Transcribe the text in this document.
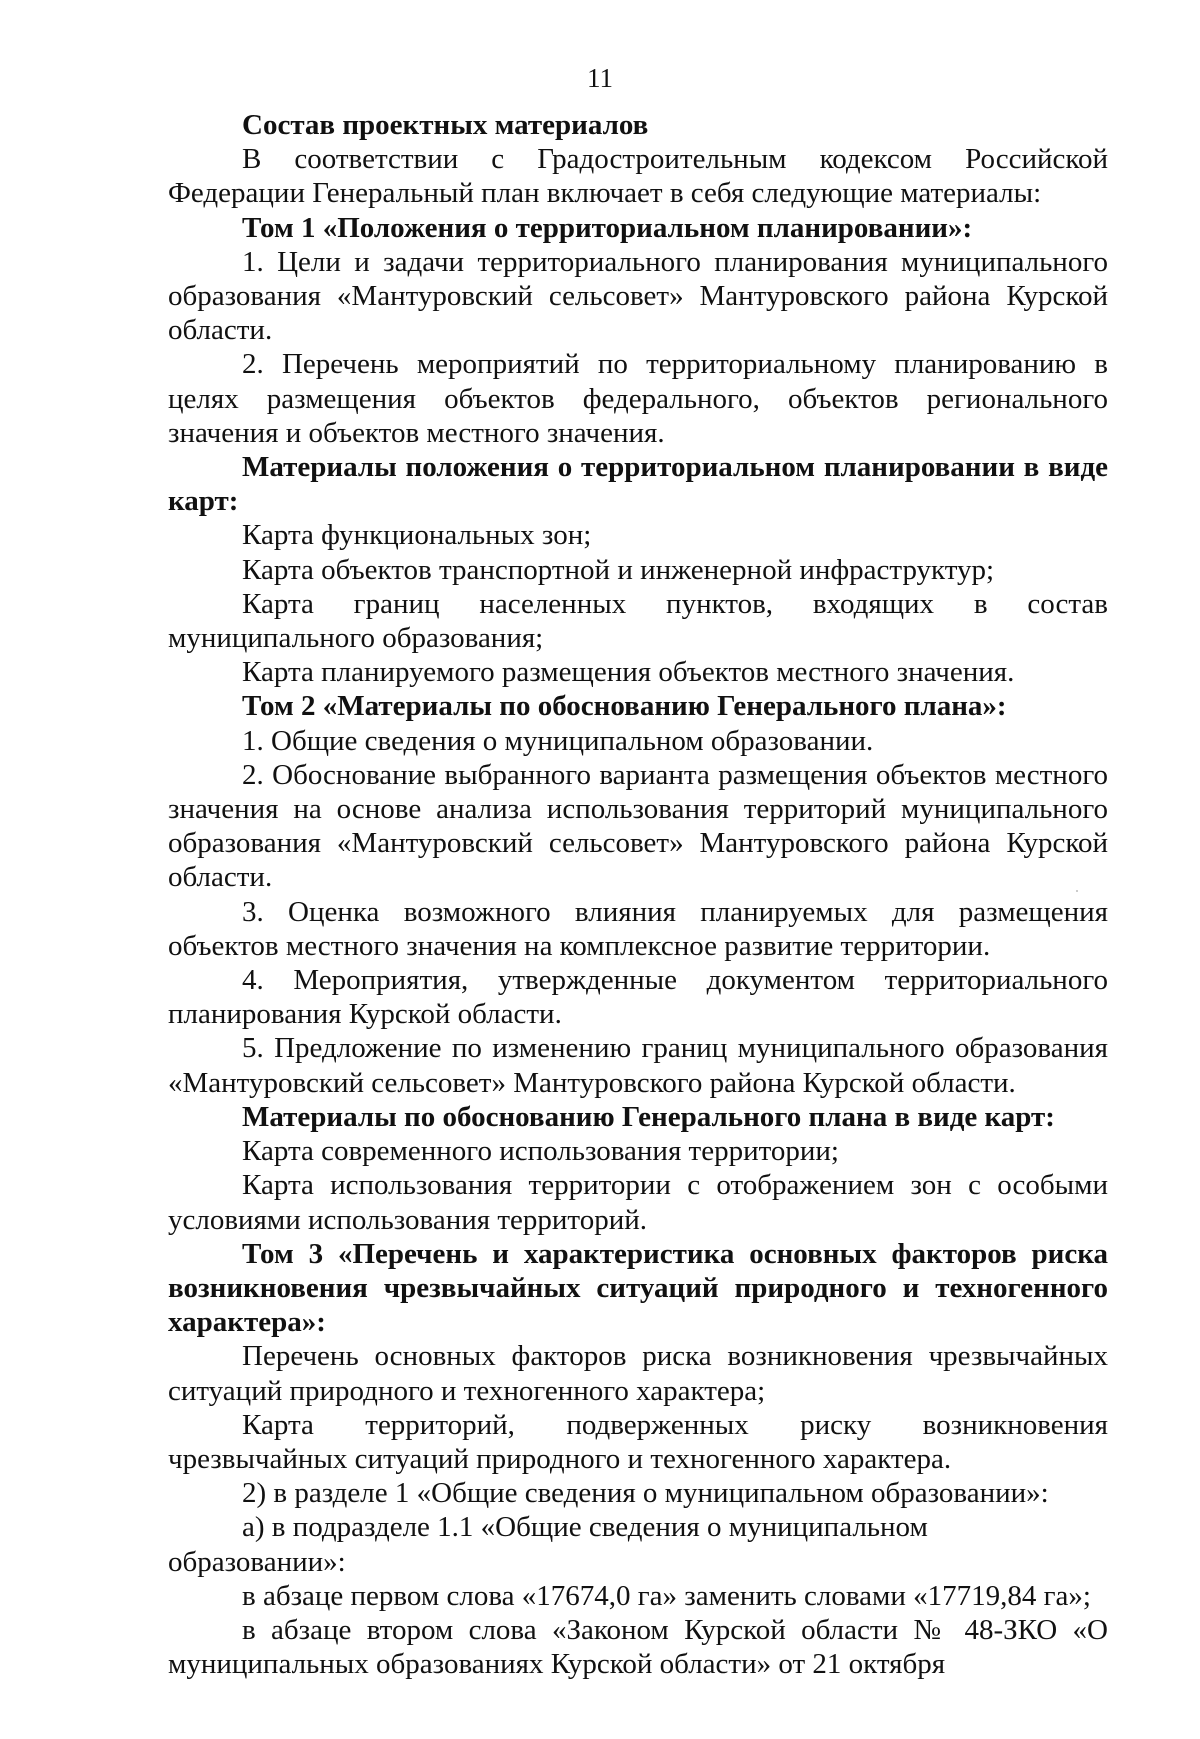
11

Состав проектных материалов

В соответствии с Градостроительным кодексом Российской Федерации Генеральный план включает в себя следующие материалы:

Том 1 «Положения о территориальном планировании»:

1. Цели и задачи территориального планирования муниципального образования «Мантуровский сельсовет» Мантуровского района Курской области.

2. Перечень мероприятий по территориальному планированию в целях размещения объектов федерального, объектов регионального значения и объектов местного значения.

Материалы положения о территориальном планировании в виде карт:

Карта функциональных зон;

Карта объектов транспортной и инженерной инфраструктур;

Карта границ населенных пунктов, входящих в состав муниципального образования;

Карта планируемого размещения объектов местного значения.

Том 2 «Материалы по обоснованию Генерального плана»:

1. Общие сведения о муниципальном образовании.

2. Обоснование выбранного варианта размещения объектов местного значения на основе анализа использования территорий муниципального образования «Мантуровский сельсовет» Мантуровского района Курской области.

3. Оценка возможного влияния планируемых для размещения объектов местного значения на комплексное развитие территории.

4. Мероприятия, утвержденные документом территориального планирования Курской области.

5. Предложение по изменению границ муниципального образования «Мантуровский сельсовет» Мантуровского района Курской области.

Материалы по обоснованию Генерального плана в виде карт:

Карта современного использования территории;

Карта использования территории с отображением зон с особыми условиями использования территорий.

Том 3 «Перечень и характеристика основных факторов риска возникновения чрезвычайных ситуаций природного и техногенного характера»:

Перечень основных факторов риска возникновения чрезвычайных ситуаций природного и техногенного характера;

Карта территорий, подверженных риску возникновения чрезвычайных ситуаций природного и техногенного характера.

2) в разделе 1 «Общие сведения о муниципальном образовании»:

а) в подразделе 1.1 «Общие сведения о муниципальном образовании»:

в абзаце первом слова «17674,0 га» заменить словами «17719,84 га»;

в абзаце втором слова «Законом Курской области № 48-ЗКО «О муниципальных образованиях Курской области» от 21 октября
